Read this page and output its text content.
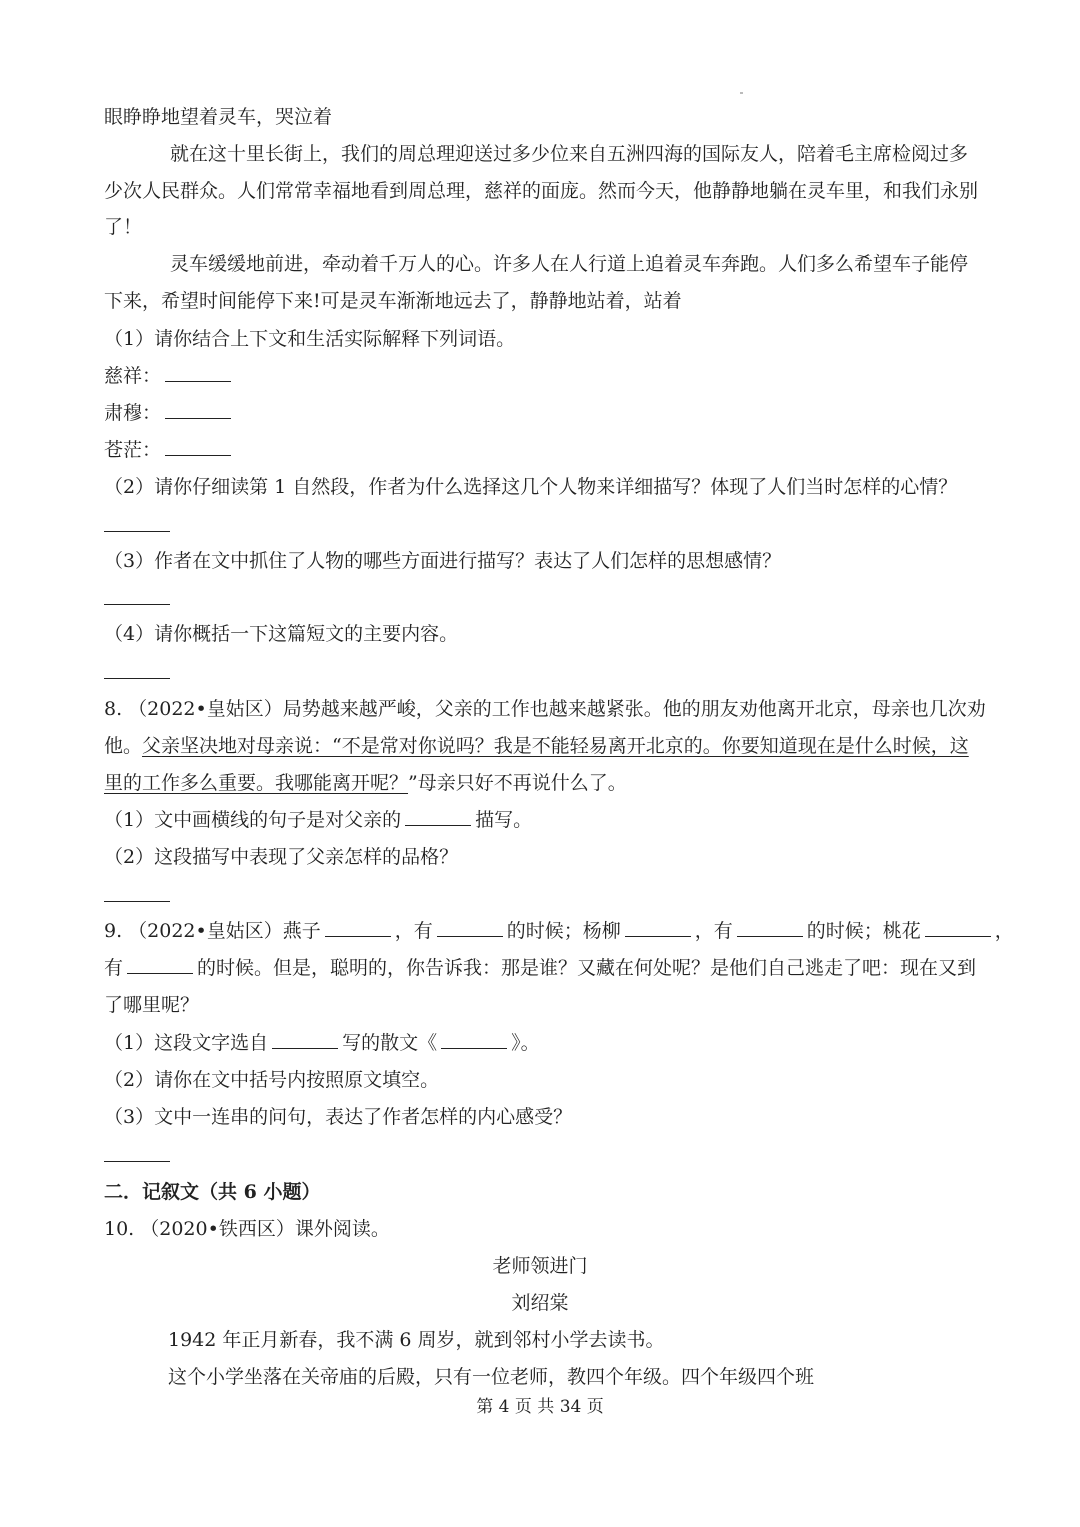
眼睁睁地望着灵车，哭泣着
就在这十里长街上，我们的周总理迎送过多少位来自五洲四海的国际友人，陪着毛主席检阅过多
少次人民群众。人们常常幸福地看到周总理，慈祥的面庞。然而今天，他静静地躺在灵车里，和我们永别
了！
灵车缓缓地前进，牵动着千万人的心。许多人在人行道上追着灵车奔跑。人们多么希望车子能停
下来，希望时间能停下来!可是灵车渐渐地远去了，静静地站着，站着
（1）请你结合上下文和生活实际解释下列词语。
慈祥：
肃穆：
苍茫：
（2）请你仔细读第 1 自然段，作者为什么选择这几个人物来详细描写？体现了人们当时怎样的心情？
（3）作者在文中抓住了人物的哪些方面进行描写？表达了人们怎样的思想感情？
（4）请你概括一下这篇短文的主要内容。
8. （2022•皇姑区）局势越来越严峻，父亲的工作也越来越紧张。他的朋友劝他离开北京，母亲也几次劝
他。父亲坚决地对母亲说：“不是常对你说吗？我是不能轻易离开北京的。你要知道现在是什么时候，这
里的工作多么重要。我哪能离开呢？”母亲只好不再说什么了。
（1）文中画横线的句子是对父亲的	描写。
（2）这段描写中表现了父亲怎样的品格？
9. （2022•皇姑区）燕子	，有	的时候；杨柳	，有	的时候；桃花	，
有	的时候。但是，聪明的，你告诉我：那是谁？又藏在何处呢？是他们自己逃走了吧：现在又到
了哪里呢？
（1）这段文字选自	写的散文《	》。
（2）请你在文中括号内按照原文填空。
（3）文中一连串的问句，表达了作者怎样的内心感受？
二．记叙文（共 6 小题）
10. （2020•铁西区）课外阅读。
老师领进门
刘绍棠
1942 年正月新春，我不满 6 周岁，就到邻村小学去读书。
这个小学坐落在关帝庙的后殿，只有一位老师，教四个年级。四个年级四个班
第 4 页 共 34 页
